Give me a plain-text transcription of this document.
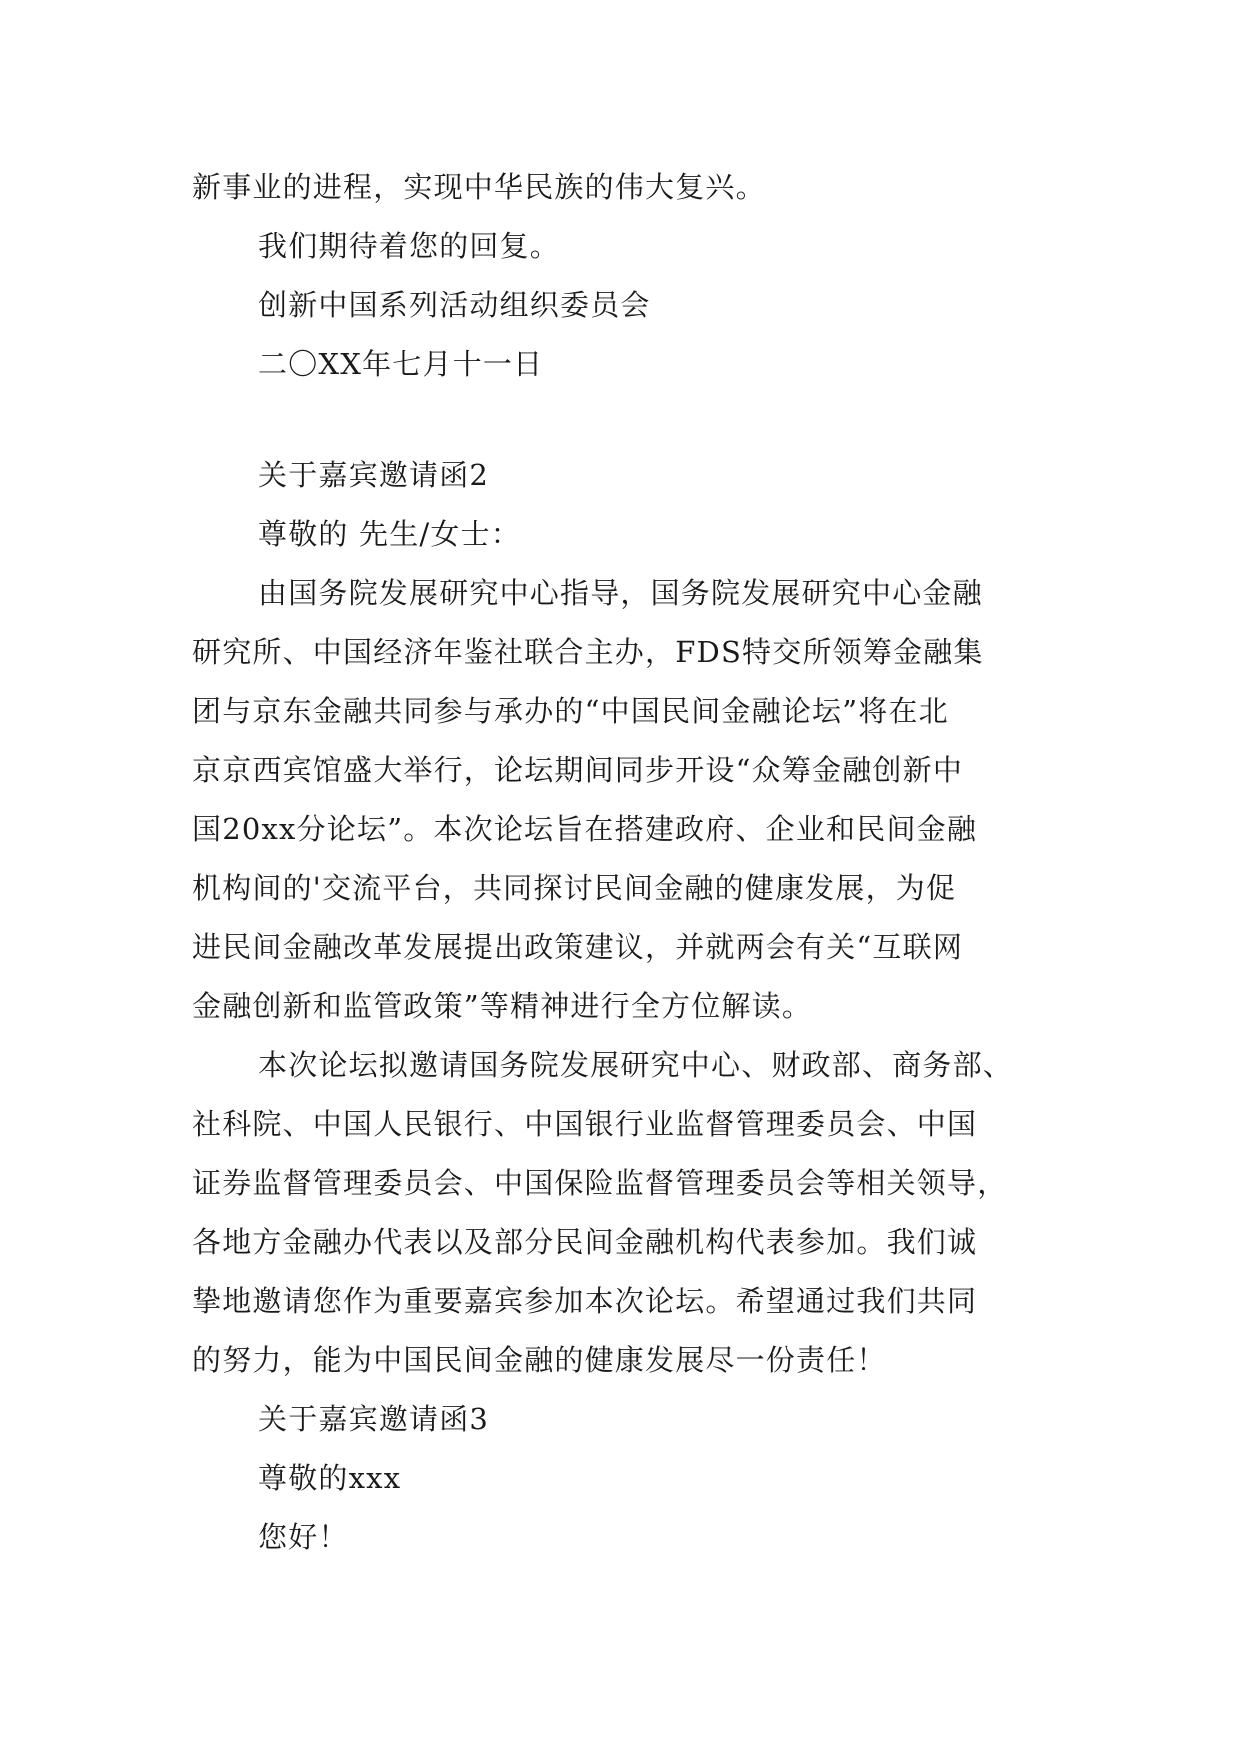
新事业的进程，实现中华民族的伟大复兴。
我们期待着您的回复。
创新中国系列活动组织委员会
二〇XX年七月十一日
关于嘉宾邀请函2
尊敬的 先生/女士：
由国务院发展研究中心指导，国务院发展研究中心金融
研究所、中国经济年鉴社联合主办，FDS特交所领筹金融集
团与京东金融共同参与承办的“中国民间金融论坛”将在北
京京西宾馆盛大举行，论坛期间同步开设“众筹金融创新中
国20xx分论坛”。本次论坛旨在搭建政府、企业和民间金融
机构间的'交流平台，共同探讨民间金融的健康发展，为促
进民间金融改革发展提出政策建议，并就两会有关“互联网
金融创新和监管政策”等精神进行全方位解读。
本次论坛拟邀请国务院发展研究中心、财政部、商务部、
社科院、中国人民银行、中国银行业监督管理委员会、中国
证券监督管理委员会、中国保险监督管理委员会等相关领导，
各地方金融办代表以及部分民间金融机构代表参加。我们诚
挚地邀请您作为重要嘉宾参加本次论坛。希望通过我们共同
的努力，能为中国民间金融的健康发展尽一份责任！
关于嘉宾邀请函3
尊敬的xxx
您好！
